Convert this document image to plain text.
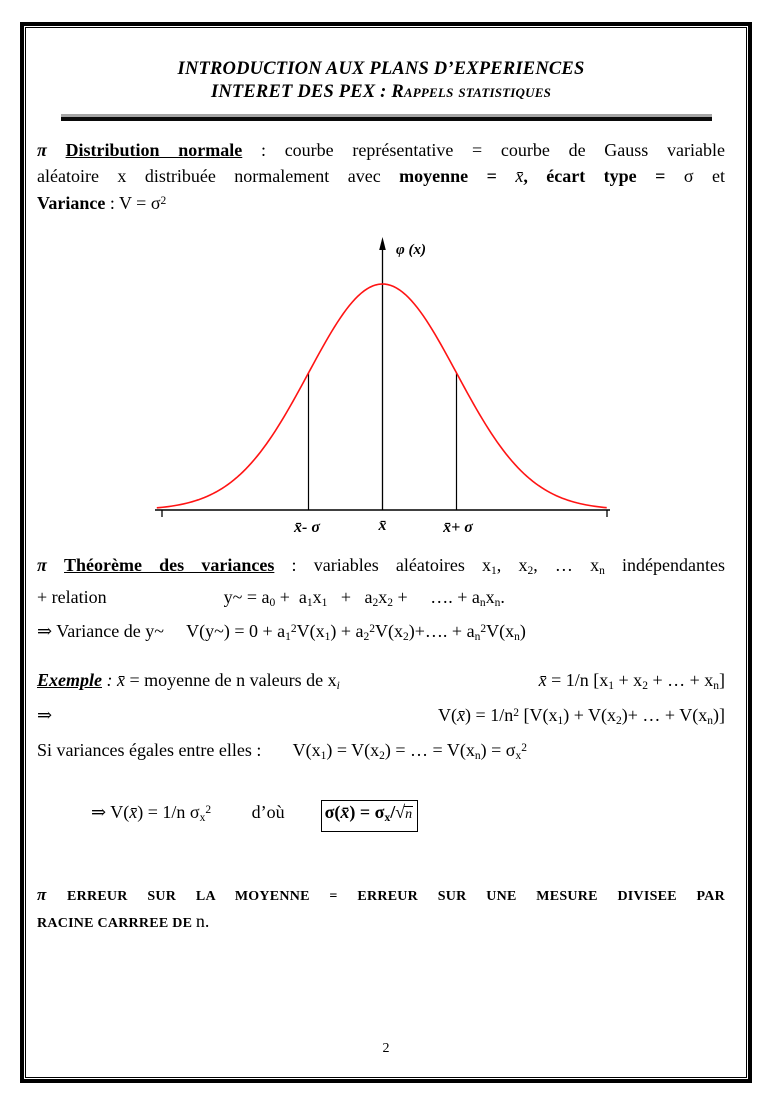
INTRODUCTION AUX PLANS D’EXPERIENCES
INTERET DES PEX : Rappels statistiques
π Distribution normale : courbe représentative = courbe de Gauss variable
aléatoire x distribuée normalement avec moyenne = x̄, écart type = σ et
Variance : $V = \sigma^2$
φ (x)
x̄- σ	x̄	x̄+ σ
π Théorème des variances : variables aléatoires x1, x2, … xn indépendantes
+ relation                          y~ = a0 +  a1x1   +   a2x2 +     …. + anxn.
⇒ Variance de y~     V(y~) = $0 + a1^2V(x1)$ + $a2^2V(x2)+\dots$. + $an^2V(xn)$
Exemple : x̄ = moyenne de n valeurs de xi	x̄ = 1/n [x1 + x2 + … + xn]
⇒	V(x̄) = $1/n^2$ [V(x1) + V(x2)+ … + V(xn)]
Si variances égales entre elles :       V(x1) = V(x2) = … = $V(xn) = \sigma x^2$

⇒ V(x̄) = 1/n $\sigma x^2$         d’où        σ(x̄) = σx/√n

π ERREUR SUR LA MOYENNE = ERREUR SUR UNE MESURE DIVISEE PAR
RACINE CARRREE DE n.
2
